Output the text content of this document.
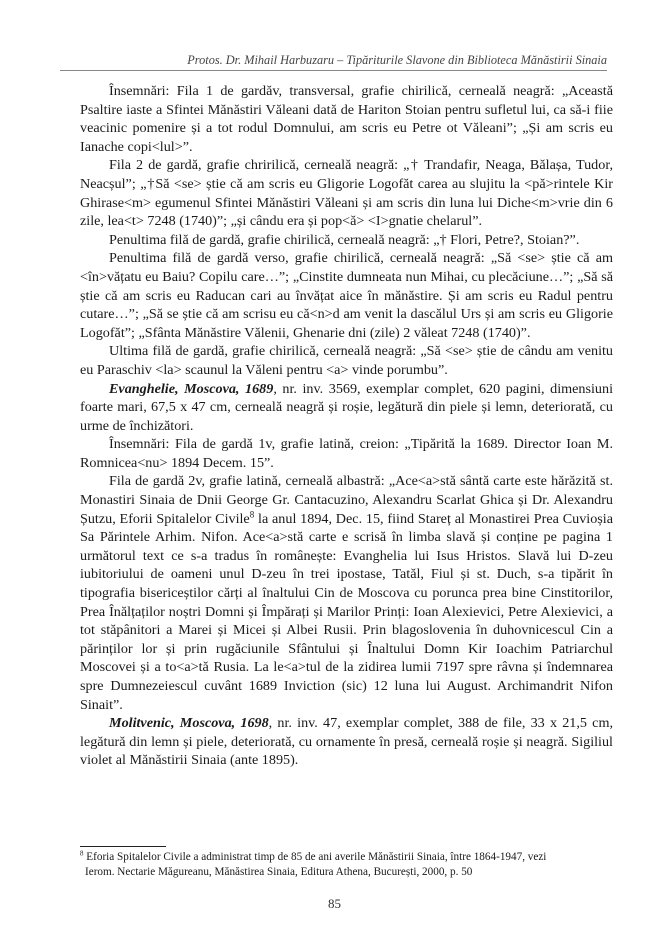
Protos. Dr. Mihail Harbuzaru – Tipăriturile Slavone din Biblioteca Mănăstirii Sinaia

Însemnări: Fila 1 de gardăv, transversal, grafie chirilică, cerneală neagră: „Această Psaltire iaste a Sfintei Mănăstiri Văleani dată de Hariton Stoian pentru sufletul lui, ca să-i fiie veacinic pomenire și a tot rodul Domnului, am scris eu Petre ot Văleani”; „Și am scris eu Ianache copi<lul>”.

Fila 2 de gardă, grafie chririlică, cerneală neagră: „† Trandafir, Neaga, Bălașa, Tudor, Neacșul”; „†Să <se> știe că am scris eu Gligorie Logofăt carea au slujitu la <pă>rintele Kir Ghirase<m> egumenul Sfintei Mănăstiri Văleani și am scris din luna lui Diche<m>vrie din 6 zile, lea<t> 7248 (1740)”; „și cându era și pop<ă> <I>gnatie chelarul”.

Penultima filă de gardă, grafie chirilică, cerneală neagră: „† Flori, Petre?, Stoian?”.

Penultima filă de gardă verso, grafie chirilică, cerneală neagră: „Să <se> știe că am <în>vățatu eu Baiu? Copilu care…”; „Cinstite dumneata nun Mihai, cu plecăciune…”; „Să să știe că am scris eu Raducan cari au învățat aice în mănăstire. Și am scris eu Radul pentru cutare…”; „Să se știe că am scrisu eu că<n>d am venit la dascălul Urs și am scris eu Gligorie Logofăt”; „Sfânta Mănăstire Vălenii, Ghenarie dni (zile) 2 văleat 7248 (1740)”.

Ultima filă de gardă, grafie chirilică, cerneală neagră: „Să <se> știe de cându am venitu eu Paraschiv <la> scaunul la Văleni pentru <a> vinde porumbu”.

Evanghelie, Moscova, 1689, nr. inv. 3569, exemplar complet, 620 pagini, dimensiuni foarte mari, 67,5 x 47 cm, cerneală neagră și roșie, legătură din piele și lemn, deteriorată, cu urme de închizători.

Însemnări: Fila de gardă 1v, grafie latină, creion: „Tipărită la 1689. Director Ioan M. Romnicea<nu> 1894 Decem. 15”.

Fila de gardă 2v, grafie latină, cerneală albastră: „Ace<a>stă sântă carte este hărăzită st. Monastiri Sinaia de Dnii George Gr. Cantacuzino, Alexandru Scarlat Ghica și Dr. Alexandru Șutzu, Eforii Spitalelor Civile$^8$ la anul 1894, Dec. 15, fiind Stareț al Monastirei Prea Cuvioșia Sa Părintele Arhim. Nifon. Ace<a>stă carte e scrisă în limba slavă și conține pe pagina 1 următorul text ce s-a tradus în românește: Evanghelia lui Isus Hristos. Slavă lui D-zeu iubitoriului de oameni unul D-zeu în trei ipostase, Tatăl, Fiul și st. Duch, s-a tipărit în tipografia bisericeștilor cărți al înaltului Cin de Moscova cu poruncа prea bine Cinstitorilor, Prea Înălțaților noștri Domni și Împărați și Marilor Prinți: Ioan Alexievici, Petre Alexievici, a tot stăpânitori a Marei și Micei și Albei Rusii. Prin blagoslovenia în duhovnicescul Cin a părinților lor și prin rugăciunile Sfântului și Înaltului Domn Kir Ioachim Patriarchul Moscovei și a to<a>tă Rusia. La le<a>tul de la zidirea lumii 7197 spre râvna și îndemnarea spre Dumnezeiescul cuvânt 1689 Inviction (sic) 12 luna lui August. Archimandrit Nifon Sinait”.

Molitvenic, Moscova, 1698, nr. inv. 47, exemplar complet, 388 de file, 33 x 21,5 cm, legătură din lemn și piele, deteriorată, cu ornamente în presă, cerneală roșie și neagră. Sigiliul violet al Mănăstirii Sinaia (ante 1895).

$^8$ Eforia Spitalelor Civile a administrat timp de 85 de ani averile Mănăstirii Sinaia, între 1864-1947, vezi
Ierom. Nectarie Măgureanu, Mănăstirea Sinaia, Editura Athena, București, 2000, p. 50
85
